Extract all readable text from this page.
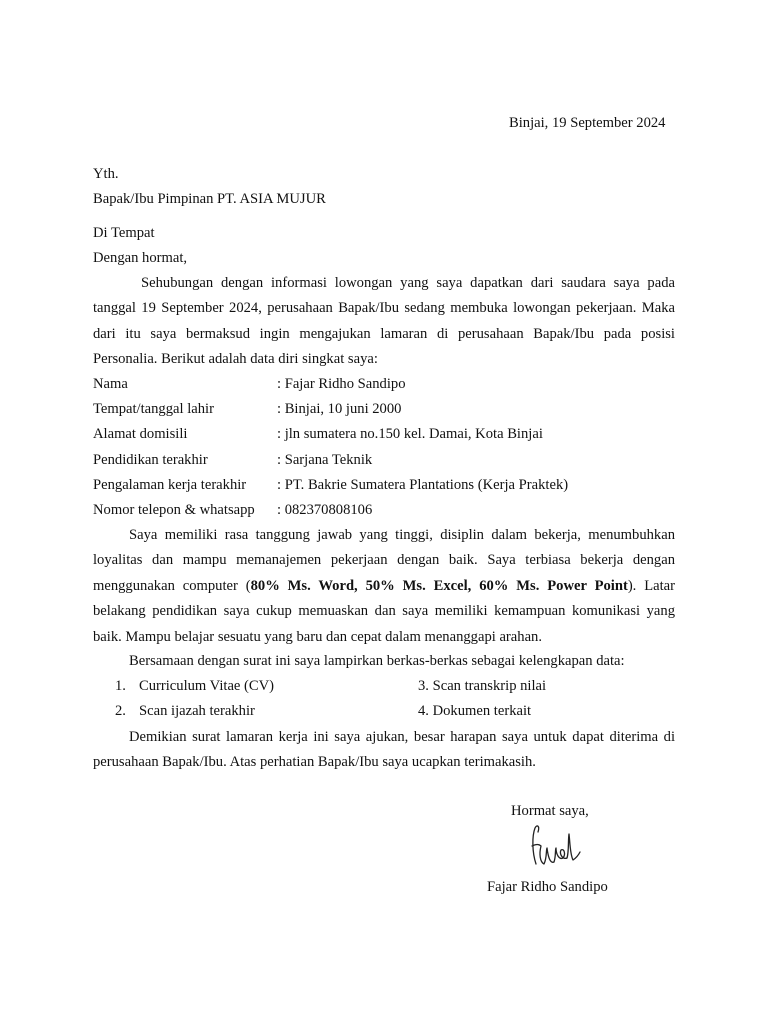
Binjai, 19 September 2024
Yth.
Bapak/Ibu Pimpinan PT. ASIA MUJUR
Di Tempat
Dengan hormat,
Sehubungan dengan informasi lowongan yang saya dapatkan dari saudara saya pada tanggal 19 September 2024, perusahaan Bapak/Ibu sedang membuka lowongan pekerjaan. Maka dari itu saya bermaksud ingin mengajukan lamaran di perusahaan Bapak/Ibu pada posisi Personalia. Berikut adalah data diri singkat saya:
Nama	: Fajar Ridho Sandipo
Tempat/tanggal lahir	: Binjai, 10 juni 2000
Alamat domisili	: jln sumatera no.150 kel. Damai, Kota Binjai
Pendidikan terakhir	: Sarjana Teknik
Pengalaman kerja terakhir : PT. Bakrie Sumatera Plantations (Kerja Praktek)
Nomor telepon & whatsapp : 082370808106
Saya memiliki rasa tanggung jawab yang tinggi, disiplin dalam bekerja, menumbuhkan loyalitas dan mampu memanajemen pekerjaan dengan baik. Saya terbiasa bekerja dengan menggunakan computer (80% Ms. Word, 50% Ms. Excel, 60% Ms. Power Point). Latar belakang pendidikan saya cukup memuaskan dan saya memiliki kemampuan komunikasi yang baik. Mampu belajar sesuatu yang baru dan cepat dalam menanggapi arahan.
Bersamaan dengan surat ini saya lampirkan berkas-berkas sebagai kelengkapan data:
1. Curriculum Vitae (CV)	3. Scan transkrip nilai
2. Scan ijazah terakhir	4. Dokumen terkait
Demikian surat lamaran kerja ini saya ajukan, besar harapan saya untuk dapat diterima di perusahaan Bapak/Ibu. Atas perhatian Bapak/Ibu saya ucapkan terimakasih.
Hormat saya,
Fajar Ridho Sandipo
